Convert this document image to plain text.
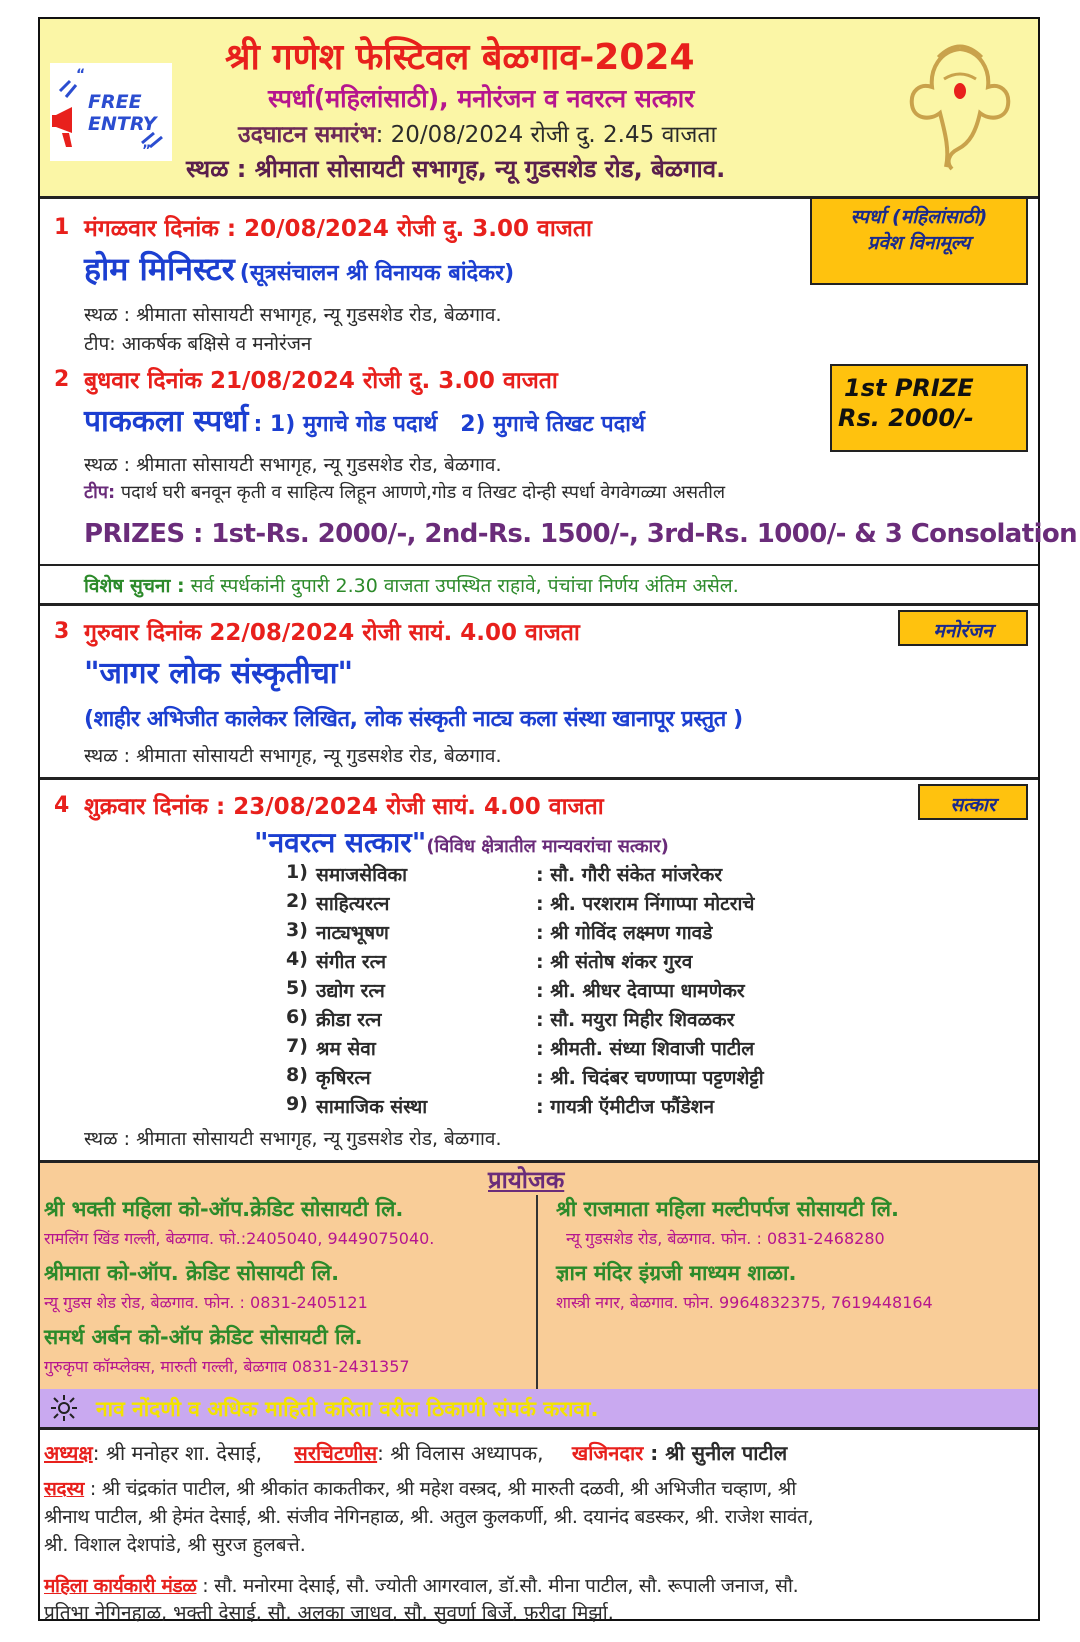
“
”
FREE
ENTRY
श्री गणेश फेस्टिवल बेळगाव-2024
स्पर्धा(महिलांसाठी), मनोरंजन व नवरत्न सत्कार
उदघाटन समारंभ: 20/08/2024 रोजी दु. 2.45 वाजता
स्थळ : श्रीमाता सोसायटी सभागृह, न्यू गुडसशेड रोड, बेळगाव.
1 मंगळवार दिनांक : 20/08/2024 रोजी दु. 3.00 वाजता
होम मिनिस्टर (सूत्रसंचालन श्री विनायक बांदेकर)
स्थळ : श्रीमाता सोसायटी सभागृह, न्यू गुडसशेड रोड, बेळगाव.
टीप: आकर्षक बक्षिसे व मनोरंजन
स्पर्धा (महिलांसाठी)
प्रवेश विनामूल्य
2 बुधवार दिनांक 21/08/2024 रोजी दु. 3.00 वाजता
पाककला स्पर्धा : 1) मुगाचे गोड पदार्थ   2) मुगाचे तिखट पदार्थ
स्थळ : श्रीमाता सोसायटी सभागृह, न्यू गुडसशेड रोड, बेळगाव.
टीप: पदार्थ घरी बनवून कृती व साहित्य लिहून आणणे,गोड व तिखट दोन्ही स्पर्धा वेगवेगळ्या असतील
PRIZES : 1st-Rs. 2000/-, 2nd-Rs. 1500/-, 3rd-Rs. 1000/- & 3 Consolation
1st PRIZE
Rs. 2000/-
विशेष सुचना : सर्व स्पर्धकांनी दुपारी 2.30 वाजता उपस्थित राहावे, पंचांचा निर्णय अंतिम असेल.
3 गुरुवार दिनांक 22/08/2024 रोजी सायं. 4.00 वाजता
"जागर लोक संस्कृतीचा"
(शाहीर अभिजीत कालेकर लिखित, लोक संस्कृती नाट्य कला संस्था खानापूर प्रस्तुत )
स्थळ : श्रीमाता सोसायटी सभागृह, न्यू गुडसशेड रोड, बेळगाव.
मनोरंजन
4 शुक्रवार दिनांक : 23/08/2024 रोजी सायं. 4.00 वाजता
"नवरत्न सत्कार"(विविध क्षेत्रातील मान्यवरांचा सत्कार)
सत्कार
1) समाजसेविका	: सौ. गौरी संकेत मांजरेकर
2) साहित्यरत्न	: श्री. परशराम निंगाप्पा मोटराचे
3) नाट्यभूषण	: श्री गोविंद लक्ष्मण गावडे
4) संगीत रत्न	: श्री संतोष शंकर गुरव
5) उद्योग रत्न	: श्री. श्रीधर देवाप्पा धामणेकर
6) क्रीडा रत्न	: सौ. मयुरा मिहीर शिवळकर
7) श्रम सेवा	: श्रीमती. संध्या शिवाजी पाटील
8) कृषिरत्न	: श्री. चिदंबर चण्णाप्पा पट्टणशेट्टी
9) सामाजिक संस्था	: गायत्री ऍमीटीज फौंडेशन
स्थळ : श्रीमाता सोसायटी सभागृह, न्यू गुडसशेड रोड, बेळगाव.
प्रायोजक
श्री भक्ती महिला को-ऑप.क्रेडिट सोसायटी लि.
रामलिंग खिंड गल्ली, बेळगाव. फो.:2405040, 9449075040.
श्रीमाता को-ऑप. क्रेडिट सोसायटी लि.
न्यू गुडस शेड रोड, बेळगाव. फोन. : 0831-2405121
समर्थ अर्बन को-ऑप क्रेडिट सोसायटी लि.
गुरुकृपा कॉम्प्लेक्स, मारुती गल्ली, बेळगाव 0831-2431357
श्री राजमाता महिला मल्टीपर्पज सोसायटी लि.
न्यू गुडसशेड रोड, बेळगाव. फोन. : 0831-2468280
ज्ञान मंदिर इंग्रजी माध्यम शाळा.
शास्त्री नगर, बेळगाव. फोन. 9964832375, 7619448164
नाव नोंदणी व अधिक माहिती करिता वरील ठिकाणी संपर्क करावा.
अध्यक्ष: श्री मनोहर शा. देसाई, सरचिटणीस: श्री विलास अध्यापक, खजिनदार : श्री सुनील पाटील
सदस्य : श्री चंद्रकांत पाटील, श्री श्रीकांत काकतीकर, श्री महेश वस्त्रद, श्री मारुती दळवी, श्री अभिजीत चव्हाण, श्री
श्रीनाथ पाटील, श्री हेमंत देसाई, श्री. संजीव नेगिनहाळ, श्री. अतुल कुलकर्णी, श्री. दयानंद बडस्कर, श्री. राजेश सावंत,
श्री. विशाल देशपांडे, श्री सुरज हुलबत्ते.
महिला कार्यकारी मंडळ : सौ. मनोरमा देसाई, सौ. ज्योती आगरवाल, डॉ.सौ. मीना पाटील, सौ. रूपाली जनाज, सौ.
प्रतिभा नेगिनहाळ, भक्ती देसाई, सौ. अलका जाधव, सौ. सुवर्णा बिर्जे, फ़रीदा मिर्झा.
